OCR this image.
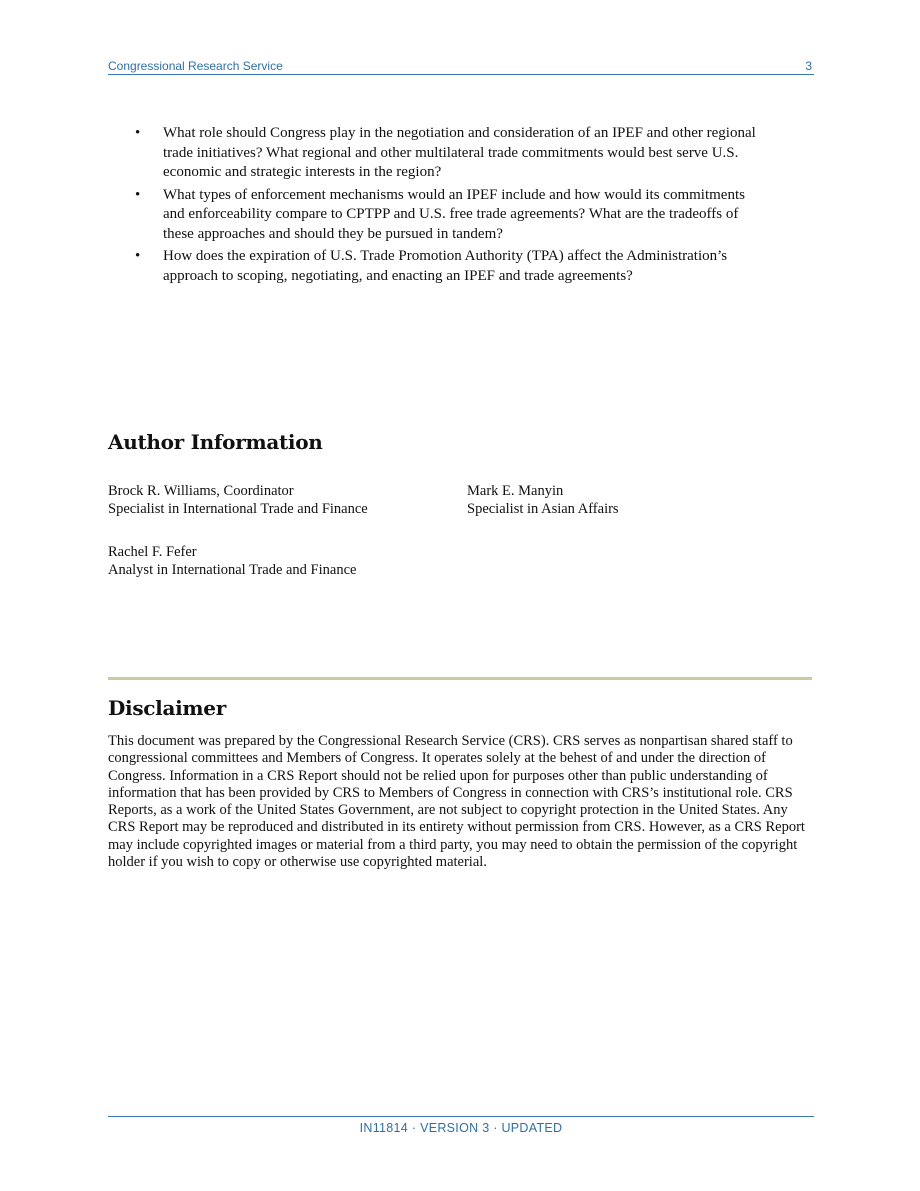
Congressional Research Service	3
• What role should Congress play in the negotiation and consideration of an IPEF and other regional trade initiatives? What regional and other multilateral trade commitments would best serve U.S. economic and strategic interests in the region?
• What types of enforcement mechanisms would an IPEF include and how would its commitments and enforceability compare to CPTPP and U.S. free trade agreements? What are the tradeoffs of these approaches and should they be pursued in tandem?
• How does the expiration of U.S. Trade Promotion Authority (TPA) affect the Administration’s approach to scoping, negotiating, and enacting an IPEF and trade agreements?
Author Information
Brock R. Williams, Coordinator
Specialist in International Trade and Finance
Mark E. Manyin
Specialist in Asian Affairs
Rachel F. Fefer
Analyst in International Trade and Finance
Disclaimer
This document was prepared by the Congressional Research Service (CRS). CRS serves as nonpartisan shared staff to congressional committees and Members of Congress. It operates solely at the behest of and under the direction of Congress. Information in a CRS Report should not be relied upon for purposes other than public understanding of information that has been provided by CRS to Members of Congress in connection with CRS’s institutional role. CRS Reports, as a work of the United States Government, are not subject to copyright protection in the United States. Any CRS Report may be reproduced and distributed in its entirety without permission from CRS. However, as a CRS Report may include copyrighted images or material from a third party, you may need to obtain the permission of the copyright holder if you wish to copy or otherwise use copyrighted material.
IN11814 · VERSION 3 · UPDATED
